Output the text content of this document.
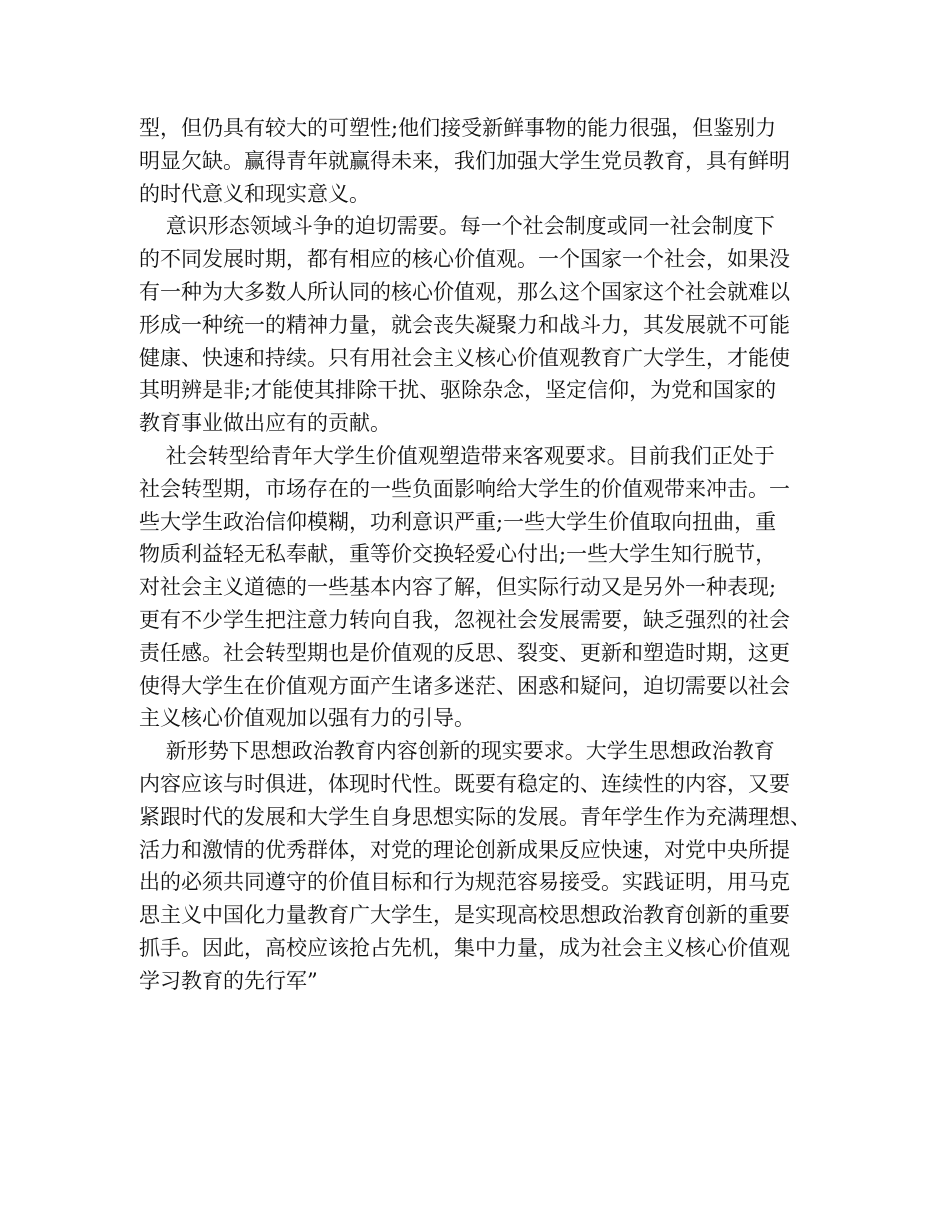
型，但仍具有较大的可塑性;他们接受新鲜事物的能力很强，但鉴别力
明显欠缺。赢得青年就赢得未来，我们加强大学生党员教育，具有鲜明
的时代意义和现实意义。
意识形态领域斗争的迫切需要。每一个社会制度或同一社会制度下
的不同发展时期，都有相应的核心价值观。一个国家一个社会，如果没
有一种为大多数人所认同的核心价值观，那么这个国家这个社会就难以
形成一种统一的精神力量，就会丧失凝聚力和战斗力，其发展就不可能
健康、快速和持续。只有用社会主义核心价值观教育广大学生，才能使
其明辨是非;才能使其排除干扰、驱除杂念，坚定信仰，为党和国家的
教育事业做出应有的贡献。
社会转型给青年大学生价值观塑造带来客观要求。目前我们正处于
社会转型期，市场存在的一些负面影响给大学生的价值观带来冲击。一
些大学生政治信仰模糊，功利意识严重;一些大学生价值取向扭曲，重
物质利益轻无私奉献，重等价交换轻爱心付出;一些大学生知行脱节，
对社会主义道德的一些基本内容了解，但实际行动又是另外一种表现;
更有不少学生把注意力转向自我，忽视社会发展需要，缺乏强烈的社会
责任感。社会转型期也是价值观的反思、裂变、更新和塑造时期，这更
使得大学生在价值观方面产生诸多迷茫、困惑和疑问，迫切需要以社会
主义核心价值观加以强有力的引导。
新形势下思想政治教育内容创新的现实要求。大学生思想政治教育
内容应该与时俱进，体现时代性。既要有稳定的、连续性的内容，又要
紧跟时代的发展和大学生自身思想实际的发展。青年学生作为充满理想、
活力和激情的优秀群体，对党的理论创新成果反应快速，对党中央所提
出的必须共同遵守的价值目标和行为规范容易接受。实践证明，用马克
思主义中国化力量教育广大学生，是实现高校思想政治教育创新的重要
抓手。因此，高校应该抢占先机，集中力量，成为社会主义核心价值观
学习教育的先行军”
